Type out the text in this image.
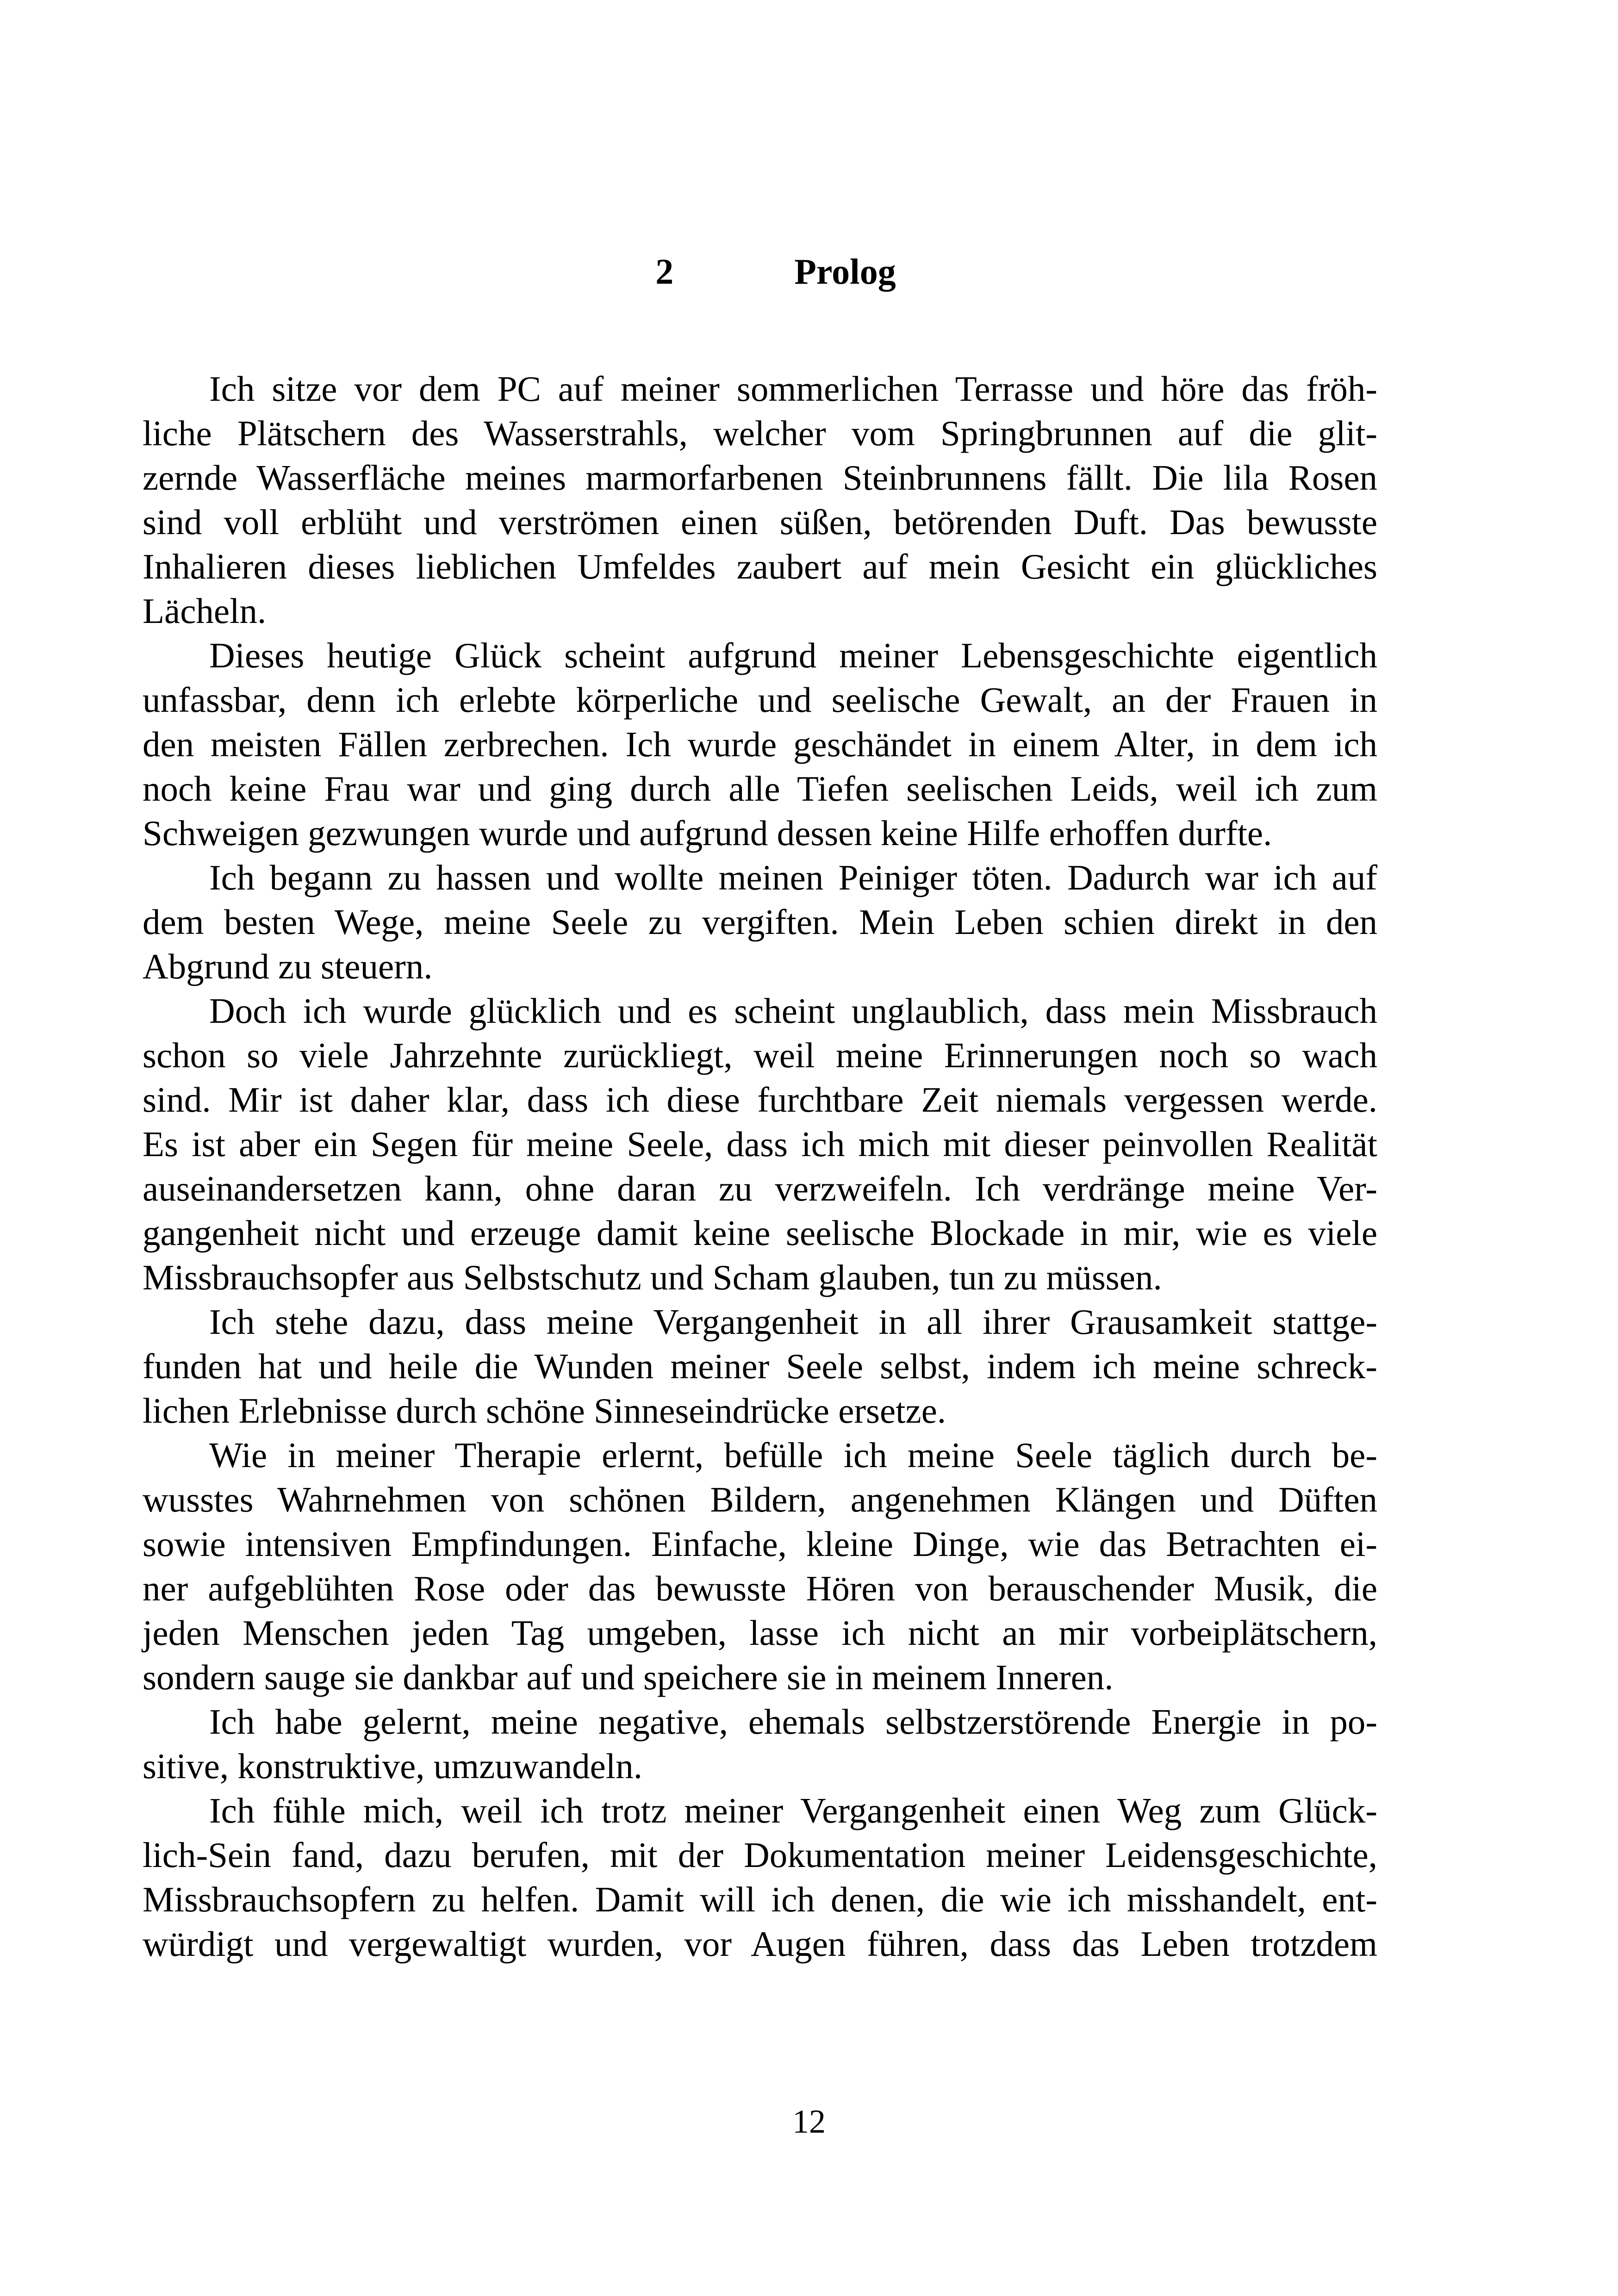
2	Prolog
Ich sitze vor dem PC auf meiner sommerlichen Terrasse und höre das fröh-
liche Plätschern des Wasserstrahls, welcher vom Springbrunnen auf die glit-
zernde Wasserfläche meines marmorfarbenen Steinbrunnens fällt. Die lila Rosen
sind voll erblüht und verströmen einen süßen, betörenden Duft. Das bewusste
Inhalieren dieses lieblichen Umfeldes zaubert auf mein Gesicht ein glückliches
Lächeln.
Dieses heutige Glück scheint aufgrund meiner Lebensgeschichte eigentlich
unfassbar, denn ich erlebte körperliche und seelische Gewalt, an der Frauen in
den meisten Fällen zerbrechen. Ich wurde geschändet in einem Alter, in dem ich
noch keine Frau war und ging durch alle Tiefen seelischen Leids, weil ich zum
Schweigen gezwungen wurde und aufgrund dessen keine Hilfe erhoffen durfte.
Ich begann zu hassen und wollte meinen Peiniger töten. Dadurch war ich auf
dem besten Wege, meine Seele zu vergiften. Mein Leben schien direkt in den
Abgrund zu steuern.
Doch ich wurde glücklich und es scheint unglaublich, dass mein Missbrauch
schon so viele Jahrzehnte zurückliegt, weil meine Erinnerungen noch so wach
sind. Mir ist daher klar, dass ich diese furchtbare Zeit niemals vergessen werde.
Es ist aber ein Segen für meine Seele, dass ich mich mit dieser peinvollen Realität
auseinandersetzen kann, ohne daran zu verzweifeln. Ich verdränge meine Ver-
gangenheit nicht und erzeuge damit keine seelische Blockade in mir, wie es viele
Missbrauchsopfer aus Selbstschutz und Scham glauben, tun zu müssen.
Ich stehe dazu, dass meine Vergangenheit in all ihrer Grausamkeit stattge-
funden hat und heile die Wunden meiner Seele selbst, indem ich meine schreck-
lichen Erlebnisse durch schöne Sinneseindrücke ersetze.
Wie in meiner Therapie erlernt, befülle ich meine Seele täglich durch be-
wusstes Wahrnehmen von schönen Bildern, angenehmen Klängen und Düften
sowie intensiven Empfindungen. Einfache, kleine Dinge, wie das Betrachten ei-
ner aufgeblühten Rose oder das bewusste Hören von berauschender Musik, die
jeden Menschen jeden Tag umgeben, lasse ich nicht an mir vorbeiplätschern,
sondern sauge sie dankbar auf und speichere sie in meinem Inneren.
Ich habe gelernt, meine negative, ehemals selbstzerstörende Energie in po-
sitive, konstruktive, umzuwandeln.
Ich fühle mich, weil ich trotz meiner Vergangenheit einen Weg zum Glück-
lich-Sein fand, dazu berufen, mit der Dokumentation meiner Leidensgeschichte,
Missbrauchsopfern zu helfen. Damit will ich denen, die wie ich misshandelt, ent-
würdigt und vergewaltigt wurden, vor Augen führen, dass das Leben trotzdem
12
